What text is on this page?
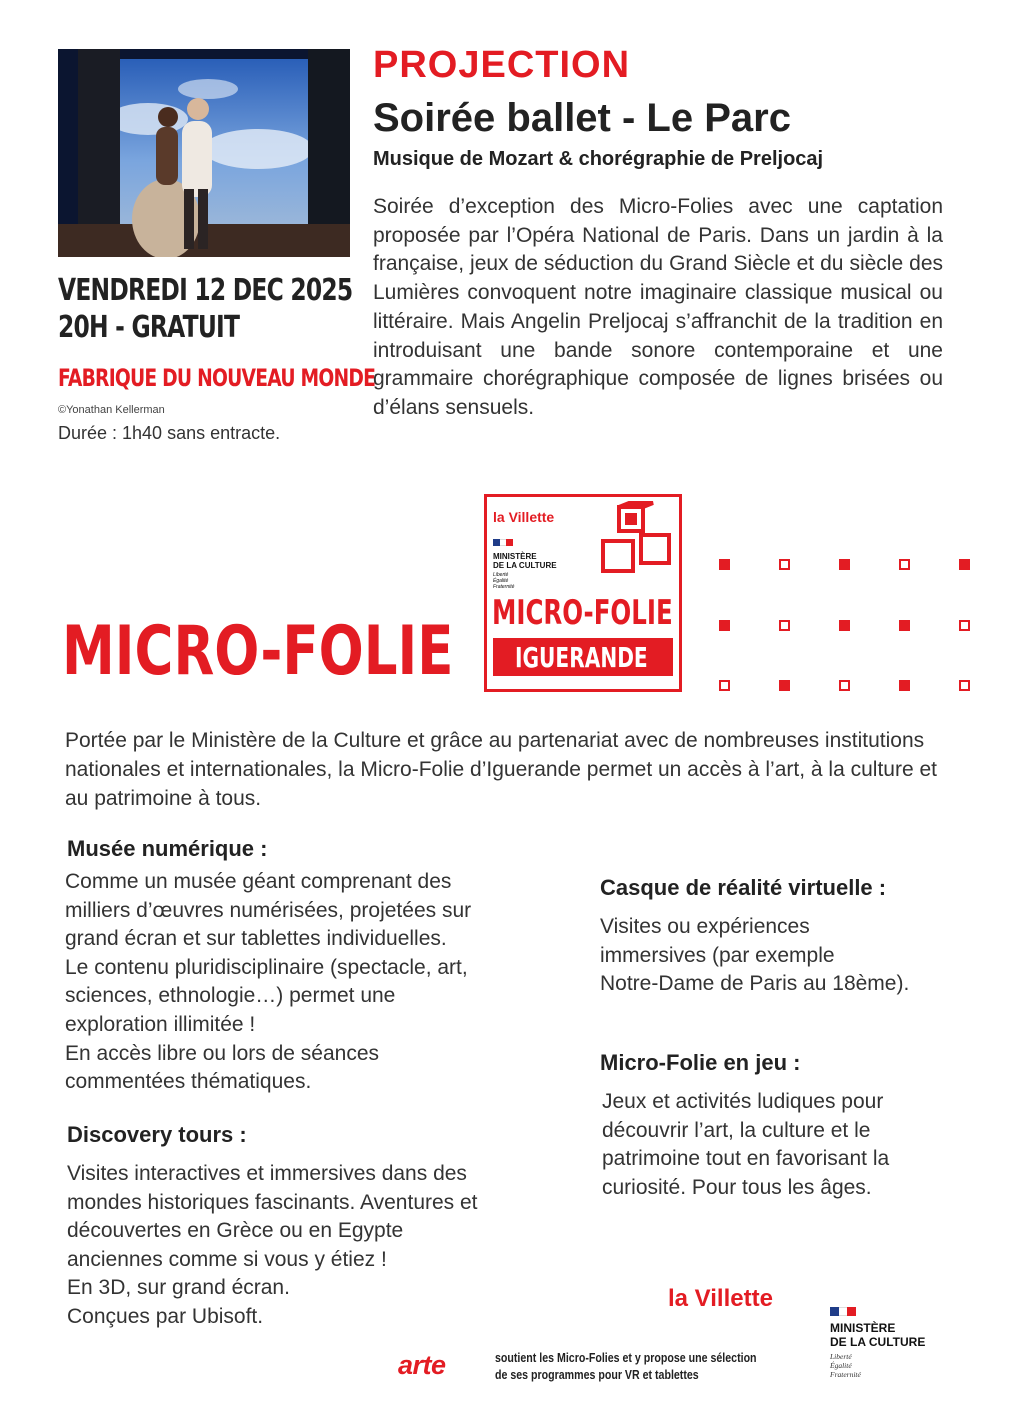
PROJECTION
Soirée ballet - Le Parc
Musique de Mozart & chorégraphie de Preljocaj
Soirée d’exception des Micro-Folies avec une captation proposée par l’Opéra National de Paris. Dans un jardin à la française, jeux de séduction du Grand Siècle et du siècle des Lumières convoquent notre imaginaire classique musical ou littéraire. Mais Angelin Preljocaj s’affranchit de la tradition en introduisant une bande sonore contemporaine et une grammaire chorégraphique composée de lignes brisées ou d’élans sensuels.
VENDREDI 12 DEC 2025
20H - GRATUIT
FABRIQUE DU NOUVEAU MONDE
©Yonathan Kellerman
Durée : 1h40 sans entracte.
la Villette
MINISTÈRE
DE LA CULTURE
Liberté
Égalité
Fraternité
MICRO-FOLIE
IGUERANDE
MICRO-FOLIE
Portée par le Ministère de la Culture et grâce au partenariat avec de nombreuses institutions nationales et internationales, la Micro-Folie d’Iguerande permet un accès à l’art, à la culture et au patrimoine à tous.
Musée numérique :
Comme un musée géant comprenant des
milliers d’œuvres numérisées, projetées sur
grand écran et sur tablettes individuelles.
Le contenu pluridisciplinaire (spectacle, art,
sciences, ethnologie…) permet une
exploration illimitée !
En accès libre ou lors de séances
commentées thématiques.
Discovery tours :
Visites interactives et immersives dans des
mondes historiques fascinants. Aventures et
découvertes en Grèce ou en Egypte
anciennes comme si vous y étiez !
En 3D, sur grand écran.
Conçues par Ubisoft.
Casque de réalité virtuelle :
Visites ou expériences
immersives (par exemple
Notre-Dame de Paris au 18ème).
Micro-Folie en jeu :
Jeux et activités ludiques pour
découvrir l’art, la culture et le
patrimoine tout en favorisant la
curiosité. Pour tous les âges.
la Villette
arte	soutient les Micro-Folies et y propose une sélection
de ses programmes pour VR et tablettes
MINISTÈRE
DE LA CULTURE
Liberté
Égalité
Fraternité
